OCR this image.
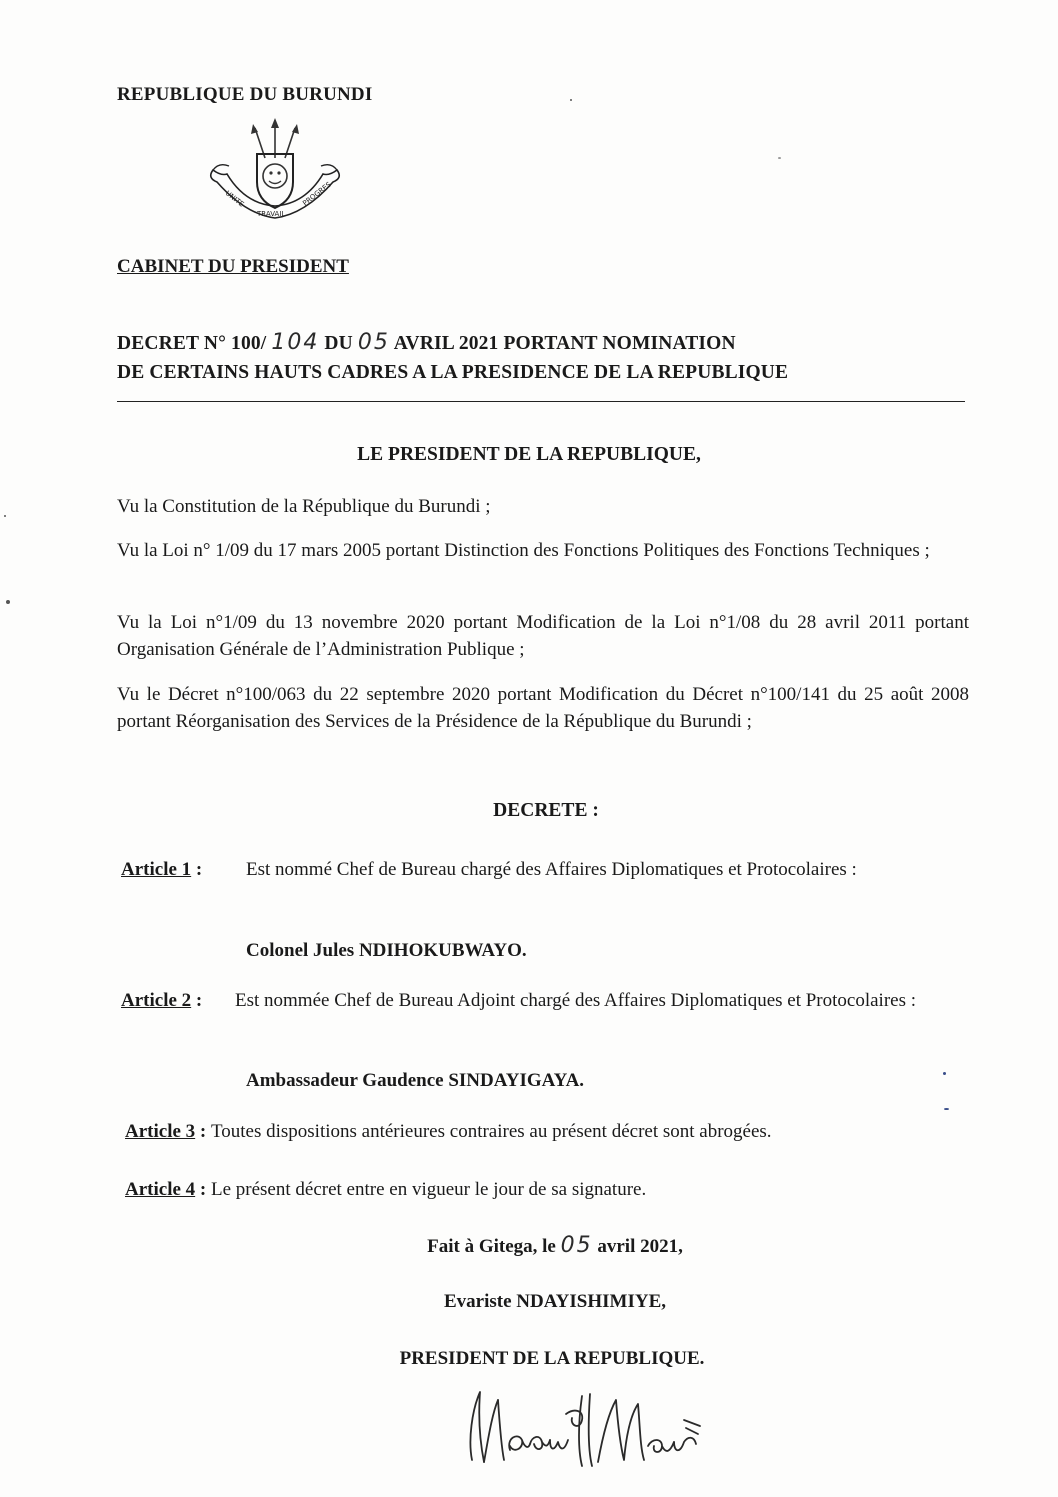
REPUBLIQUE DU BURUNDI
UNITE
TRAVAIL
PROGRES
CABINET DU PRESIDENT
DECRET N° 100/ 104 DU 05 AVRIL 2021 PORTANT NOMINATION
DE CERTAINS HAUTS CADRES A LA PRESIDENCE DE LA REPUBLIQUE
LE PRESIDENT DE LA REPUBLIQUE,
Vu la Constitution de la République du Burundi ;
Vu la Loi n° 1/09 du 17 mars 2005 portant Distinction des Fonctions Politiques des Fonctions Techniques ;
Vu la Loi n°1/09 du 13 novembre 2020 portant Modification de la Loi n°1/08 du 28 avril 2011 portant Organisation Générale de l’Administration Publique ;
Vu le Décret n°100/063 du 22 septembre 2020 portant Modification du Décret n°100/141 du 25 août 2008 portant Réorganisation des Services de la Présidence de la République du Burundi ;
DECRETE :
Article 1 : Est nommé Chef de Bureau chargé des Affaires Diplomatiques et Protocolaires :
Colonel Jules NDIHOKUBWAYO.
Article 2 : Est nommée Chef de Bureau Adjoint chargé des Affaires Diplomatiques et Protocolaires :
Ambassadeur Gaudence SINDAYIGAYA.
Article 3 : Toutes dispositions antérieures contraires au présent décret sont abrogées.
Article 4 : Le présent décret entre en vigueur le jour de sa signature.
Fait à Gitega, le 05 avril 2021,
Evariste NDAYISHIMIYE,
PRESIDENT DE LA REPUBLIQUE.
